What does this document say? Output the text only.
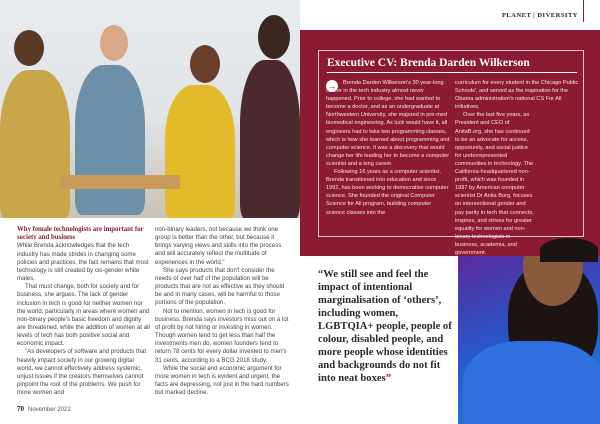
PLANET | DIVERSITY
Executive CV: Brenda Darden Wilkerson
→	Brenda Darden Wilkerson's 30 year-long career in the tech industry almost never happened. Prior to college, she had wanted to become a doctor, and as an undergraduate at Northwestern University, she majored in pre-med biomedical engineering. As luck would have it, all engineers had to take two programming classes, which is how she learned about programming and computer science. It was a discovery that would change her life leading her to become a computer scientist and a long career.

Following 16 years as a computer scientist, Brenda transitioned into education and since 1992, has been working to democratise computer science. She founded the original Computer Science for All program, building computer science classes into the

curriculum for every student in the Chicago Public Schools', and served as the inspiration for the Obama administration's national CS For All initiatives.

Over the last five years, as President and CEO of AnitaB.org, she has continued to be an advocate for access, opportunity, and social justice for underrepresented communities in technology. The California-headquartered non-profit, which was founded in 1997 by American computer scientist Dr Anita Borg, focuses on intersectional gender and pay parity in tech that connects, inspires, and strives for greater equality for women and non-binary technologists in business, academia, and government.

Why female technologists are important for society and business

While Brenda acknowledges that the tech industry has made strides in changing some policies and practices, the fact remains that most technology is still created by cis-gender white males.

That must change, both for society and for business, she argues. The lack of gender inclusion in tech is good for neither women nor the world, particularly in areas where women and non-binary people's basic freedom and dignity are threatened, while the addition of women at all levels of tech has both positive social and economic impact.

"As developers of software and products that heavily impact society in our growing digital world, we cannot effectively address systemic, unjust issues if the creators themselves cannot pinpoint the root of the problems. We push for more women and

non-binary leaders, not because we think one group is better than the other, but because it brings varying views and skills into the process and will accurately reflect the multitude of experiences in the world."

She says products that don't consider the needs of over half of the population will be products that are not as effective as they should be and in many cases, will be harmful to those portions of the population.

Not to mention, women in tech is good for business. Brenda says investors miss out on a lot of profit by not hiring or investing in women. Though women tend to get less than half the investments men do, women founders tend to return 78 cents for every dollar invested to men's 31 cents, according to a BCG 2018 study.

While the social and economic argument for more women in tech is evident and urgent, the facts are depressing, not just in the hard numbers but marked decline.

“We still see and feel the impact of intentional marginalisation of ‘others’, including women, LGBTQIA+ people, people of colour, disabled people, and more people whose identities and backgrounds do not fit into neat boxes”
70 November 2022
